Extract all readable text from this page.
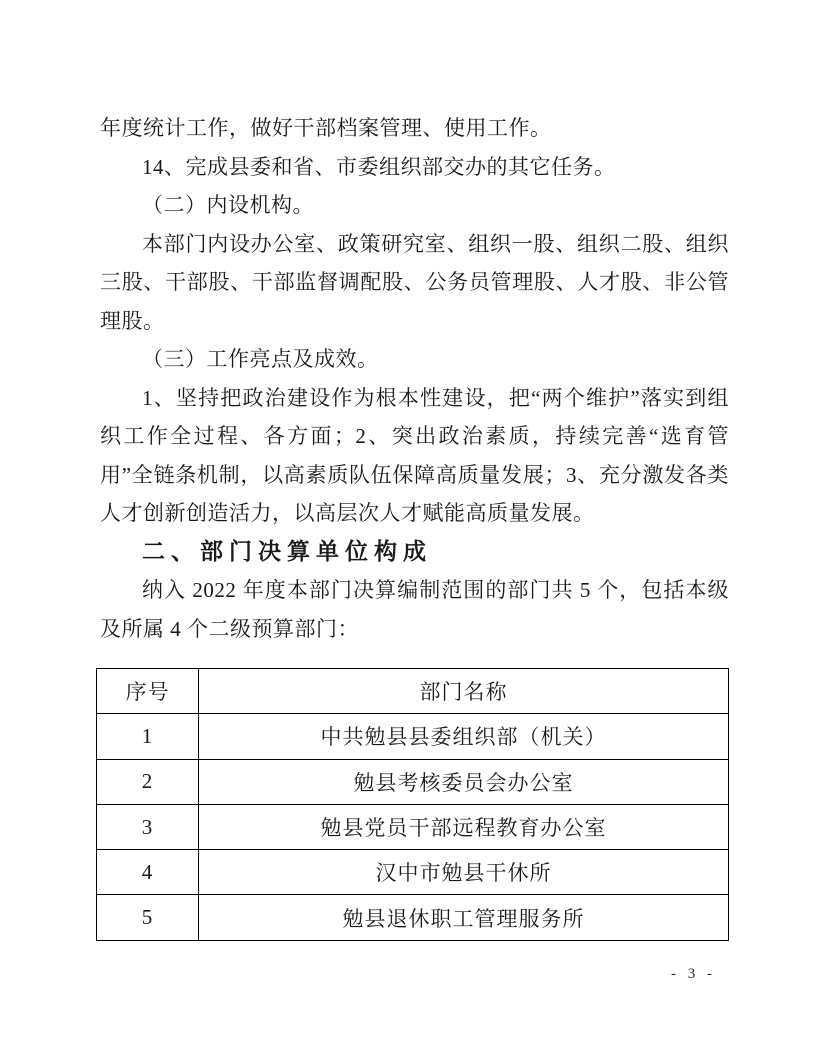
年度统计工作，做好干部档案管理、使用工作。

14、完成县委和省、市委组织部交办的其它任务。

（二）内设机构。

本部门内设办公室、政策研究室、组织一股、组织二股、组织三股、干部股、干部监督调配股、公务员管理股、人才股、非公管理股。

（三）工作亮点及成效。

1、坚持把政治建设作为根本性建设，把“两个维护”落实到组织工作全过程、各方面；2、突出政治素质，持续完善“选育管用”全链条机制，以高素质队伍保障高质量发展；3、充分激发各类人才创新创造活力，以高层次人才赋能高质量发展。

二、部门决算单位构成

纳入 2022 年度本部门决算编制范围的部门共 5 个，包括本级及所属 4 个二级预算部门：

序号	部门名称
1	中共勉县县委组织部（机关）
2	勉县考核委员会办公室
3	勉县党员干部远程教育办公室
4	汉中市勉县干休所
5	勉县退休职工管理服务所
- 3 -
